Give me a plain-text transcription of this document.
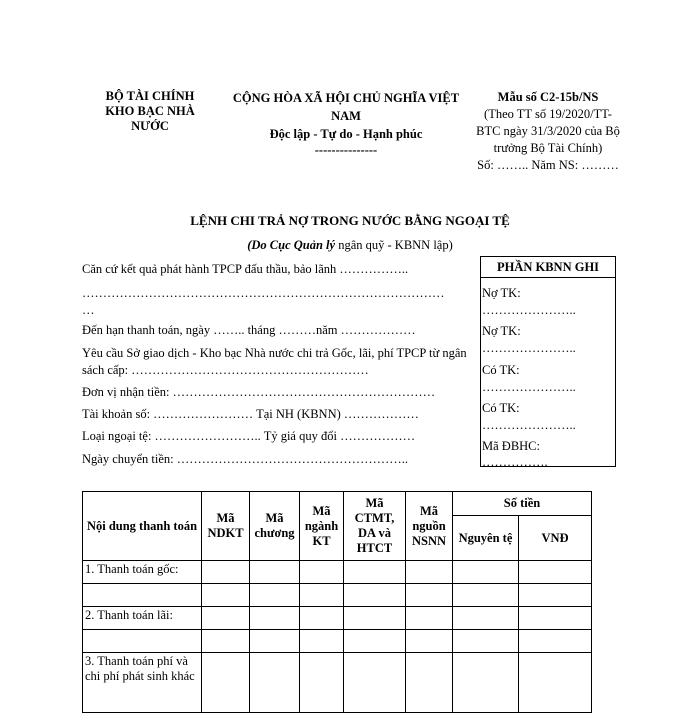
BỘ TÀI CHÍNH
KHO BẠC NHÀ NƯỚC
CỘNG HÒA XÃ HỘI CHỦ NGHĨA VIỆT NAM
Độc lập - Tự do - Hạnh phúc
---------------
Mẫu số C2-15b/NS
(Theo TT số 19/2020/TT-BTC ngày 31/3/2020 của Bộ trưởng Bộ Tài Chính)
Số: …….. Năm NS: ………
LỆNH CHI TRẢ NỢ TRONG NƯỚC BẰNG NGOẠI TỆ
(Do Cục Quản lý ngân quỹ - KBNN lập)
Căn cứ kết quả phát hành TPCP đấu thầu, bảo lãnh ……………..
……………………………………………………………………………
…
Đến hạn thanh toán, ngày …….. tháng ………năm ………………
Yêu cầu Sở giao dịch - Kho bạc Nhà nước chi trả Gốc, lãi, phí TPCP từ ngân sách cấp: …………………………………………………
Đơn vị nhận tiền: ………………………………………………………
Tài khoản số: …………………… Tại NH (KBNN) ………………
Loại ngoại tệ: …………………….. Tỷ giá quy đổi ………………
Ngày chuyển tiền: ………………………………………………..
PHẦN KBNN GHI
Nợ TK:
…………………..
Nợ TK:
…………………..
Có TK:
…………………..
Có TK:
…………………..
Mã ĐBHC:
…………….
Nội dung thanh toán	Mã NDKT	Mã chương	Mã ngành KT	Mã CTMT, DA và HTCT	Mã nguồn NSNN	Số tiền	
						Nguyên tệ	VNĐ
1. Thanh toán gốc:							

2. Thanh toán lãi:							

3. Thanh toán phí và chi phí phát sinh khác							
